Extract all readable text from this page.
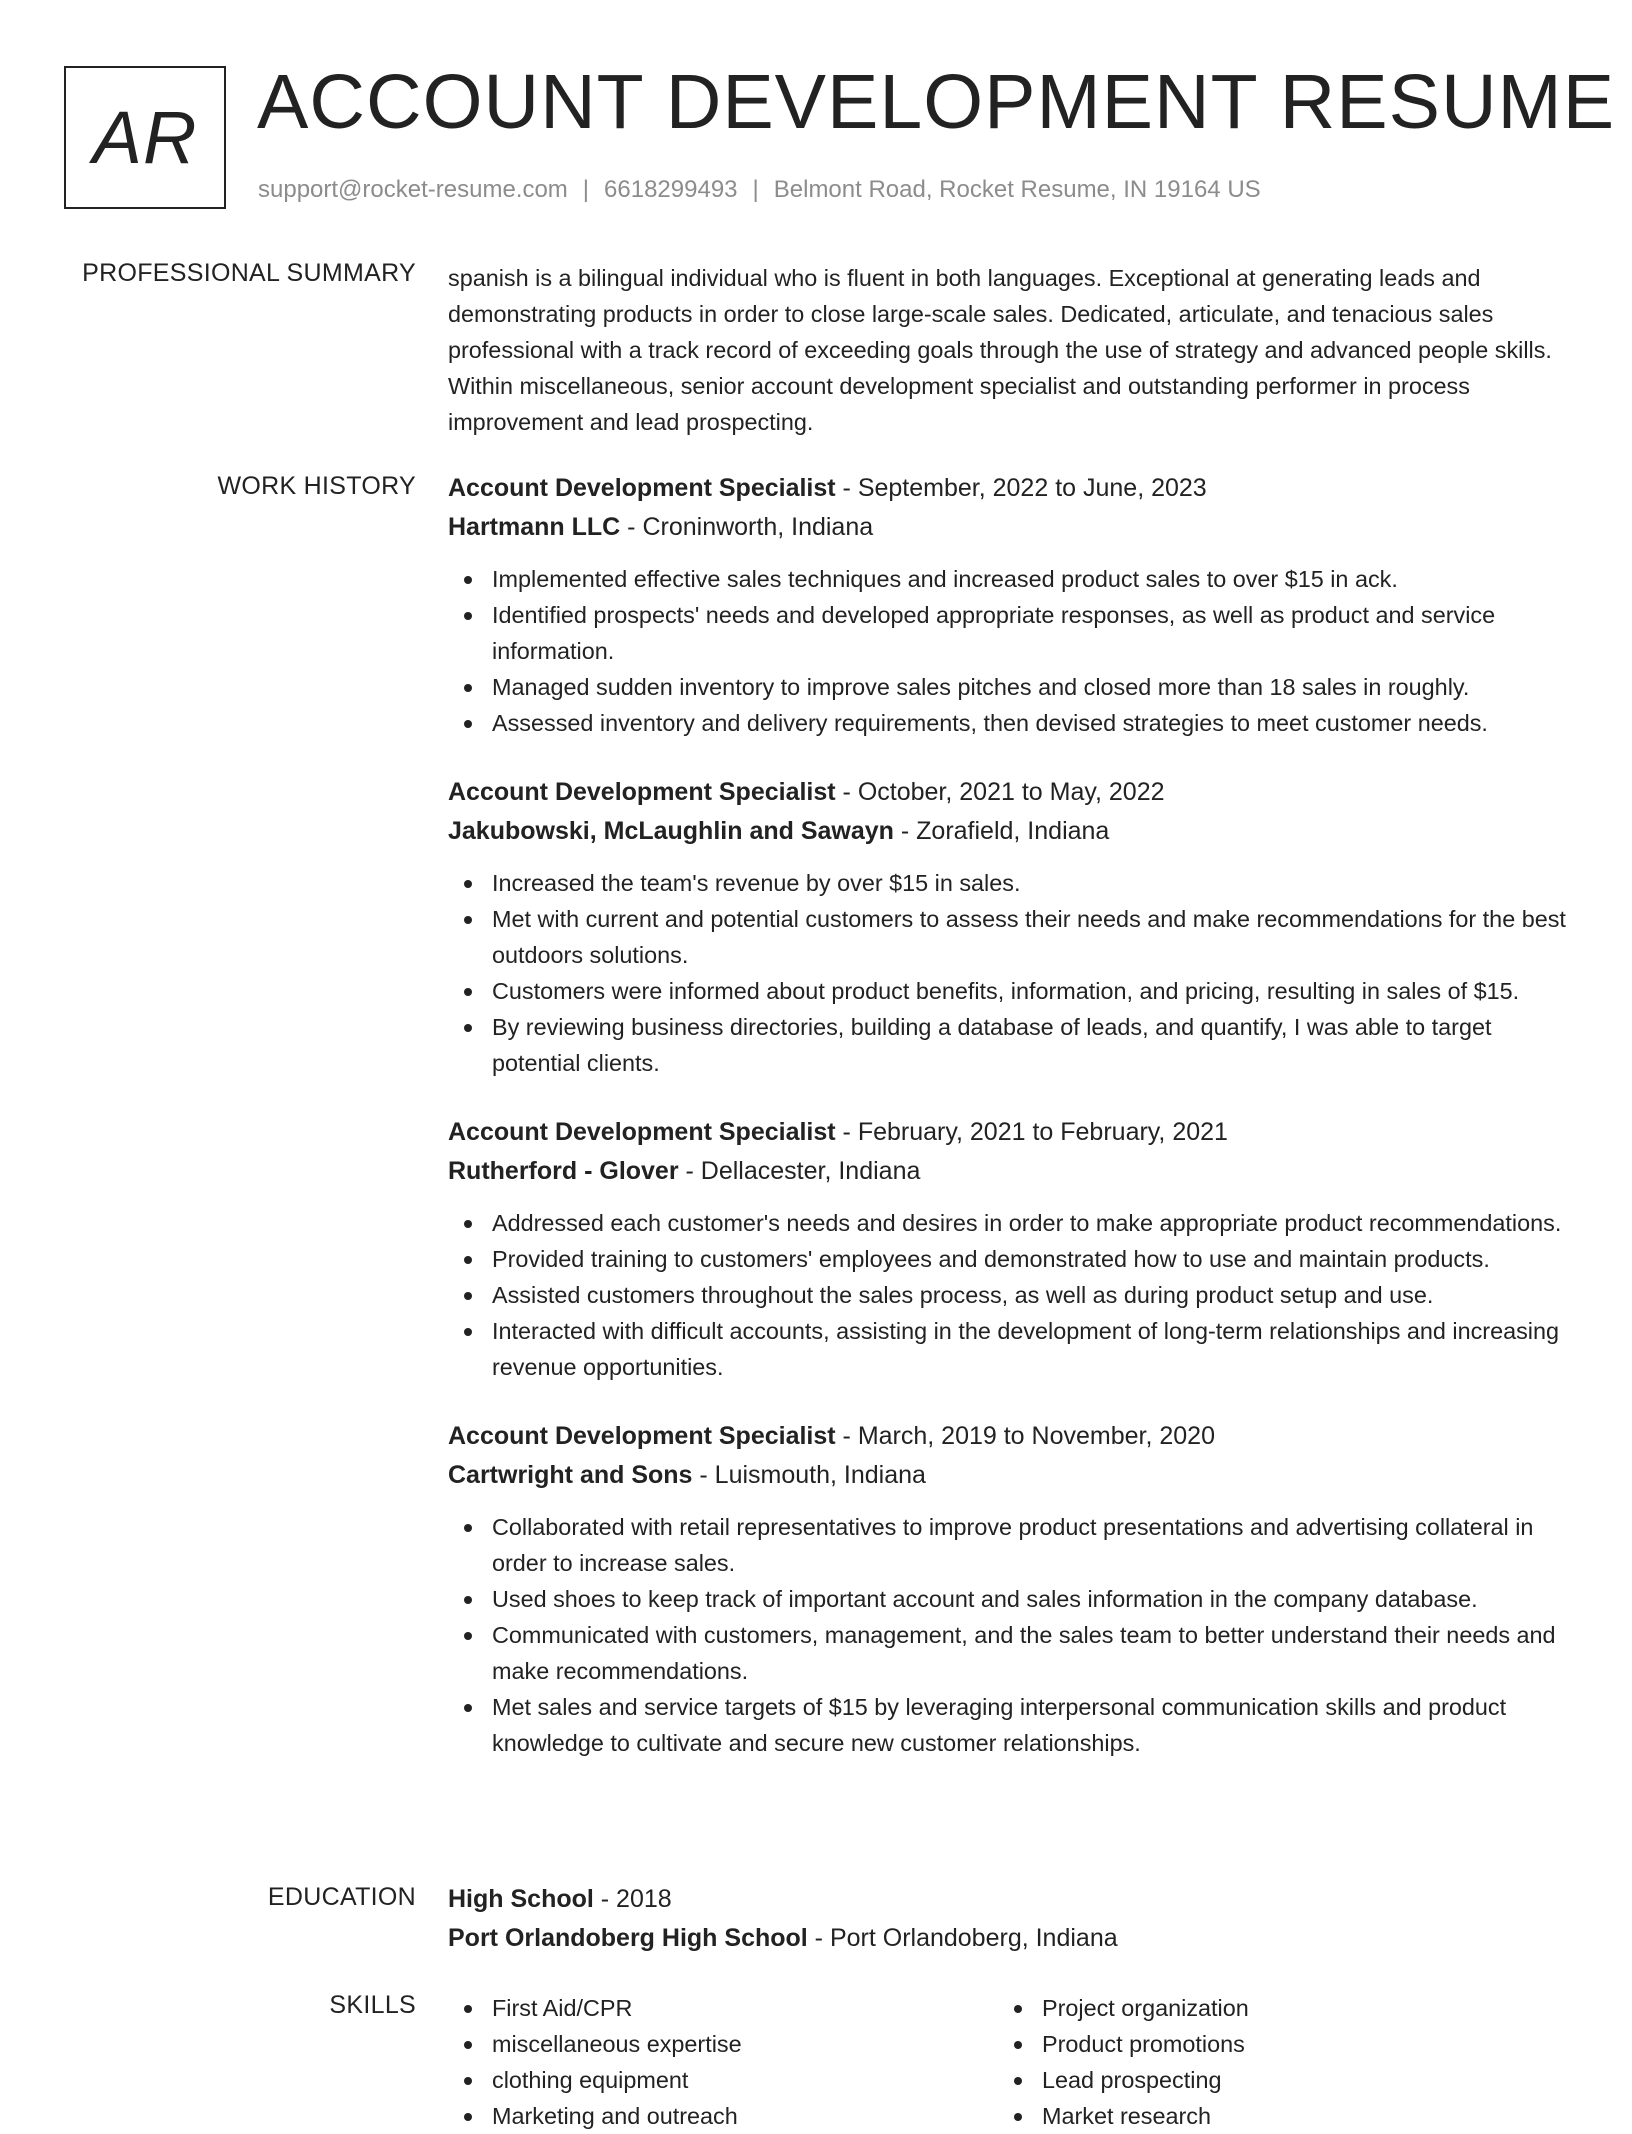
AR ACCOUNT DEVELOPMENT RESUME
support@rocket-resume.com | 6618299493 | Belmont Road, Rocket Resume, IN 19164 US
PROFESSIONAL SUMMARY spanish is a bilingual individual who is fluent in both languages. Exceptional at generating leads and demonstrating products in order to close large-scale sales. Dedicated, articulate, and tenacious sales professional with a track record of exceeding goals through the use of strategy and advanced people skills. Within miscellaneous, senior account development specialist and outstanding performer in process improvement and lead prospecting.

WORK HISTORY Account Development Specialist - September, 2022 to June, 2023
Hartmann LLC - Croninworth, Indiana
Implemented effective sales techniques and increased product sales to over $15 in ack.
Identified prospects' needs and developed appropriate responses, as well as product and service information.
Managed sudden inventory to improve sales pitches and closed more than 18 sales in roughly.
Assessed inventory and delivery requirements, then devised strategies to meet customer needs.
Account Development Specialist - October, 2021 to May, 2022
Jakubowski, McLaughlin and Sawayn - Zorafield, Indiana
Increased the team's revenue by over $15 in sales.
Met with current and potential customers to assess their needs and make recommendations for the best outdoors solutions.
Customers were informed about product benefits, information, and pricing, resulting in sales of $15.
By reviewing business directories, building a database of leads, and quantify, I was able to target potential clients.
Account Development Specialist - February, 2021 to February, 2021
Rutherford - Glover - Dellacester, Indiana
Addressed each customer's needs and desires in order to make appropriate product recommendations.
Provided training to customers' employees and demonstrated how to use and maintain products.
Assisted customers throughout the sales process, as well as during product setup and use.
Interacted with difficult accounts, assisting in the development of long-term relationships and increasing revenue opportunities.
Account Development Specialist - March, 2019 to November, 2020
Cartwright and Sons - Luismouth, Indiana
Collaborated with retail representatives to improve product presentations and advertising collateral in order to increase sales.
Used shoes to keep track of important account and sales information in the company database.
Communicated with customers, management, and the sales team to better understand their needs and make recommendations.
Met sales and service targets of $15 by leveraging interpersonal communication skills and product knowledge to cultivate and secure new customer relationships.
EDUCATION High School - 2018
Port Orlandoberg High School - Port Orlandoberg, Indiana
SKILLS	First Aid/CPR
miscellaneous expertise
clothing equipment
Marketing and outreach
Project organization
Product promotions
Lead prospecting
Market research
